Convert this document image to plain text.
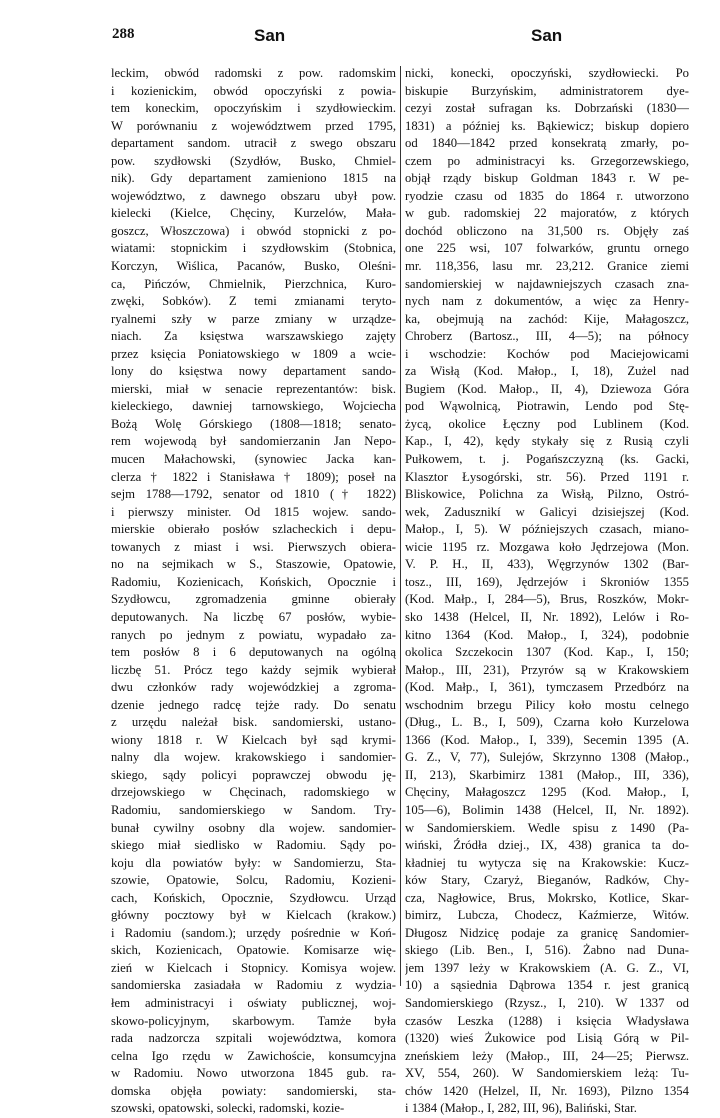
288	San	San
leckim, obwód radomski z pow. radomskim
i kozienickim, obwód opoczyński z powia-
tem koneckim, opoczyńskim i szydłowieckim.
W porównaniu z województwem przed 1795,
departament sandom. utracił z swego obszaru
pow. szydłowski (Szydłów, Busko, Chmiel-
nik). Gdy departament zamieniono 1815 na
województwo, z dawnego obszaru ubył pow.
kielecki (Kielce, Chęciny, Kurzelów, Mała-
goszcz, Włoszczowa) i obwód stopnicki z po-
wiatami: stopnickim i szydłowskim (Stobnica,
Korczyn, Wiślica, Pacanów, Busko, Oleśni-
ca, Pińczów, Chmielnik, Pierzchnica, Kuro-
zwęki, Sobków). Z temi zmianami teryto-
ryalnemi szły w parze zmiany w urządze-
niach. Za księstwa warszawskiego zajęty
przez księcia Poniatowskiego w 1809 a wcie-
lony do księstwa nowy departament sando-
mierski, miał w senacie reprezentantów: bisk.
kieleckiego, dawniej tarnowskiego, Wojciecha
Bożą Wolę Górskiego (1808—1818; senato-
rem wojewodą był sandomierzanin Jan Nepo-
mucen Małachowski, (synowiec Jacka kan-
clerza † 1822 i Stanisława † 1809); poseł na
sejm 1788—1792, senator od 1810 († 1822)
i pierwszy minister. Od 1815 wojew. sando-
mierskie obierało posłów szlacheckich i depu-
towanych z miast i wsi. Pierwszych obiera-
no na sejmikach w S., Staszowie, Opatowie,
Radomiu, Kozienicach, Końskich, Opocznie i
Szydłowcu, zgromadzenia gminne obierały
deputowanych. Na liczbę 67 posłów, wybie-
ranych po jednym z powiatu, wypadało za-
tem posłów 8 i 6 deputowanych na ogólną
liczbę 51. Prócz tego każdy sejmik wybierał
dwu członków rady wojewódzkiej a zgroma-
dzenie jednego radcę tejże rady. Do senatu
z urzędu należał bisk. sandomierski, ustano-
wiony 1818 r. W Kielcach był sąd krymi-
nalny dla wojew. krakowskiego i sandomier-
skiego, sądy policyi poprawczej obwodu ję-
drzejowskiego w Chęcinach, radomskiego w
Radomiu, sandomierskiego w Sandom. Try-
bunał cywilny osobny dla wojew. sandomier-
skiego miał siedlisko w Radomiu. Sądy po-
koju dla powiatów były: w Sandomierzu, Sta-
szowie, Opatowie, Solcu, Radomiu, Kozieni-
cach, Końskich, Opocznie, Szydłowcu. Urząd
główny pocztowy był w Kielcach (krakow.)
i Radomiu (sandom.); urzędy pośrednie w Koń-
skich, Kozienicach, Opatowie. Komisarze wię-
zień w Kielcach i Stopnicy. Komisya wojew.
sandomierska zasiadała w Radomiu z wydzia-
łem administracyi i oświaty publicznej, woj-
skowo-policyjnym, skarbowym. Tamże była
rada nadzorcza szpitali województwa, komora
celna Igo rzędu w Zawichoście, konsumcyjna
w Radomiu. Nowo utworzona 1845 gub. ra-
domska objęła powiaty: sandomierski, sta-
szowski, opatowski, solecki, radomski, kozie-
nicki, konecki, opoczyński, szydłowiecki. Po
biskupie Burzyńskim, administratorem dye-
cezyi został sufragan ks. Dobrzański (1830—
1831) a później ks. Bąkiewicz; biskup dopiero
od 1840—1842 przed konsekratą zmarły, po-
czem po administracyi ks. Grzegorzewskiego,
objął rządy biskup Goldman 1843 r. W pe-
ryodzie czasu od 1835 do 1864 r. utworzono
w gub. radomskiej 22 majoratów, z których
dochód obliczono na 31,500 rs. Objęły zaś
one 225 wsi, 107 folwarków, gruntu ornego
mr. 118,356, lasu mr. 23,212. Granice ziemi
sandomierskiej w najdawniejszych czasach zna-
nych nam z dokumentów, a więc za Henry-
ka, obejmują na zachód: Kije, Małagoszcz,
Chroberz (Bartosz., III, 4—5); na północy
i wschodzie: Kochów pod Maciejowicami
za Wisłą (Kod. Małop., I, 18), Zużel nad
Bugiem (Kod. Małop., II, 4), Dziewoza Góra
pod Wąwolnicą, Piotrawin, Lendo pod Stę-
życą, okolice Łęczny pod Lublinem (Kod.
Kap., I, 42), kędy stykały się z Rusią czyli
Pułkowem, t. j. Pogańszczyzną (ks. Gacki,
Klasztor Łysogórski, str. 56). Przed 1191 r.
Bliskowice, Polichna za Wisłą, Pilzno, Ostró-
wek, Zadusznikí w Galicyi dzisiejszej (Kod.
Małop., I, 5). W późniejszych czasach, miano-
wicie 1195 rz. Mozgawa koło Jędrzejowa (Mon.
V. P. H., II, 433), Węgrzynów 1302 (Bar-
tosz., III, 169), Jędrzejów i Skroniów 1355
(Kod. Małp., I, 284—5), Brus, Roszków, Mokr-
sko 1438 (Helcel, II, Nr. 1892), Lelów i Ro-
kitno 1364 (Kod. Małop., I, 324), podobnie
okolica Szczekocin 1307 (Kod. Kap., I, 150;
Małop., III, 231), Przyrów są w Krakowskiem
(Kod. Małp., I, 361), tymczasem Przedbórz na
wschodnim brzegu Pilicy koło mostu celnego
(Dług., L. B., I, 509), Czarna koło Kurzelowa
1366 (Kod. Małop., I, 339), Secemin 1395 (A.
G. Z., V, 77), Sulejów, Skrzynno 1308 (Małop.,
II, 213), Skarbimirz 1381 (Małop., III, 336),
Chęciny, Małagoszcz 1295 (Kod. Małop., I,
105—6), Bolimin 1438 (Helcel, II, Nr. 1892).
w Sandomierskiem. Wedle spisu z 1490 (Pa-
wiński, Źródła dziej., IX, 438) granica ta do-
kładniej tu wytycza się na Krakowskie: Kucz-
ków Stary, Czaryż, Bieganów, Radków, Chy-
cza, Nagłowice, Brus, Mokrsko, Kotlice, Skar-
bimirz, Lubcza, Chodecz, Kaźmierze, Witów.
Długosz Nidzicę podaje za granicę Sandomier-
skiego (Lib. Ben., I, 516). Żabno nad Duna-
jem 1397 leży w Krakowskiem (A. G. Z., VI,
10) a sąsiednia Dąbrowa 1354 r. jest granicą
Sandomierskiego (Rzysz., I, 210). W 1337 od
czasów Leszka (1288) i księcia Władysława
(1320) wieś Żukowice pod Lisią Górą w Pil-
zneńskiem leży (Małop., III, 24—25; Pierwsz.
XV, 554, 260). W Sandomierskiem leżą: Tu-
chów 1420 (Helzel, II, Nr. 1693), Pilzno 1354
i 1384 (Małop., I, 282, III, 96), Baliński, Star.
